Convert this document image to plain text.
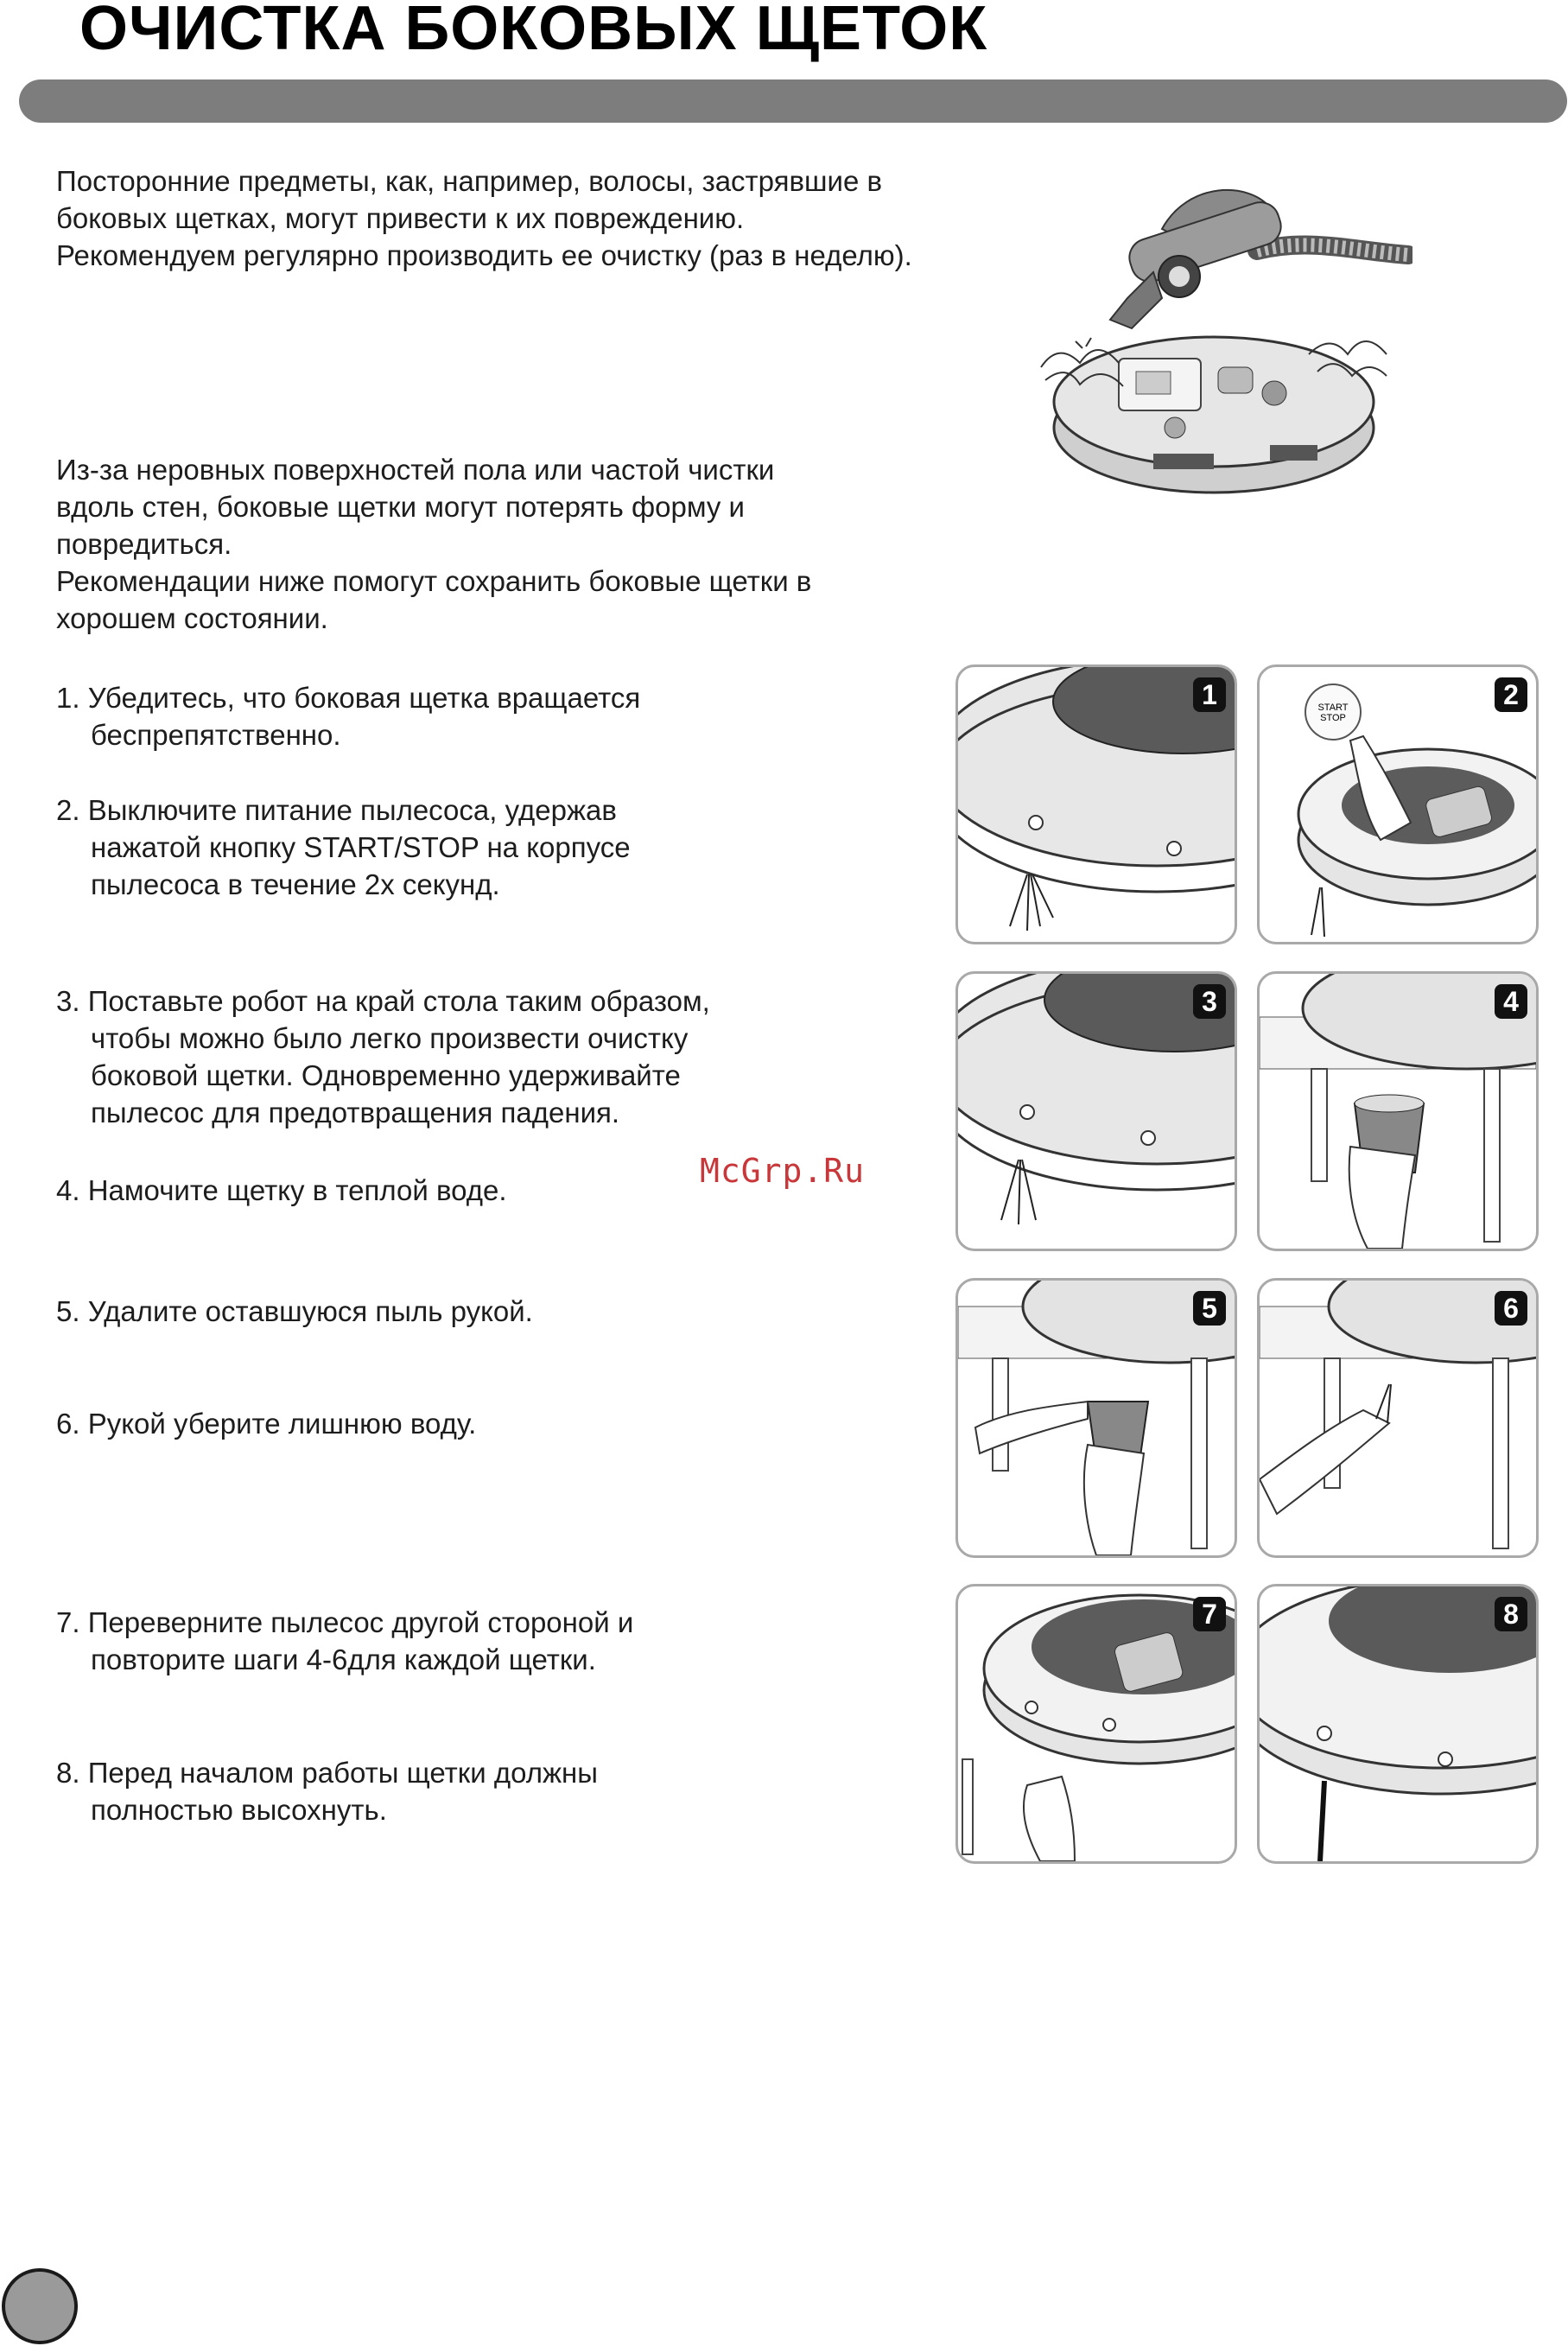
ОЧИСТКА БОКОВЫХ ЩЕТОК
Посторонние предметы, как, например, волосы, застрявшие в
боковых щетках, могут привести к их повреждению.
Рекомендуем регулярно производить ее очистку (раз в неделю).
Из-за неровных поверхностей пола или частой чистки
вдоль стен, боковые щетки могут потерять форму и
повредиться.
Рекомендации ниже помогут сохранить боковые щетки в
хорошем состоянии.
1. Убедитесь, что боковая щетка вращается
беспрепятственно.
2. Выключите питание пылесоса, удержав
нажатой кнопку START/STOP на корпусе
пылесоса в течение 2х секунд.
3. Поставьте робот на край стола таким образом,
чтобы можно было легко произвести очистку
боковой щетки. Одновременно удерживайте
пылесос для предотвращения падения.
4. Намочите щетку в теплой воде.
5. Удалите оставшуюся пыль рукой.
6. Рукой уберите лишнюю воду.
7. Переверните пылесос другой стороной и
повторите шаги 4-6для каждой щетки.
8. Перед началом работы щетки должны
полностью высохнуть.
McGrp.Ru
1	START
STOP
2
3	4
5	6
7	8
